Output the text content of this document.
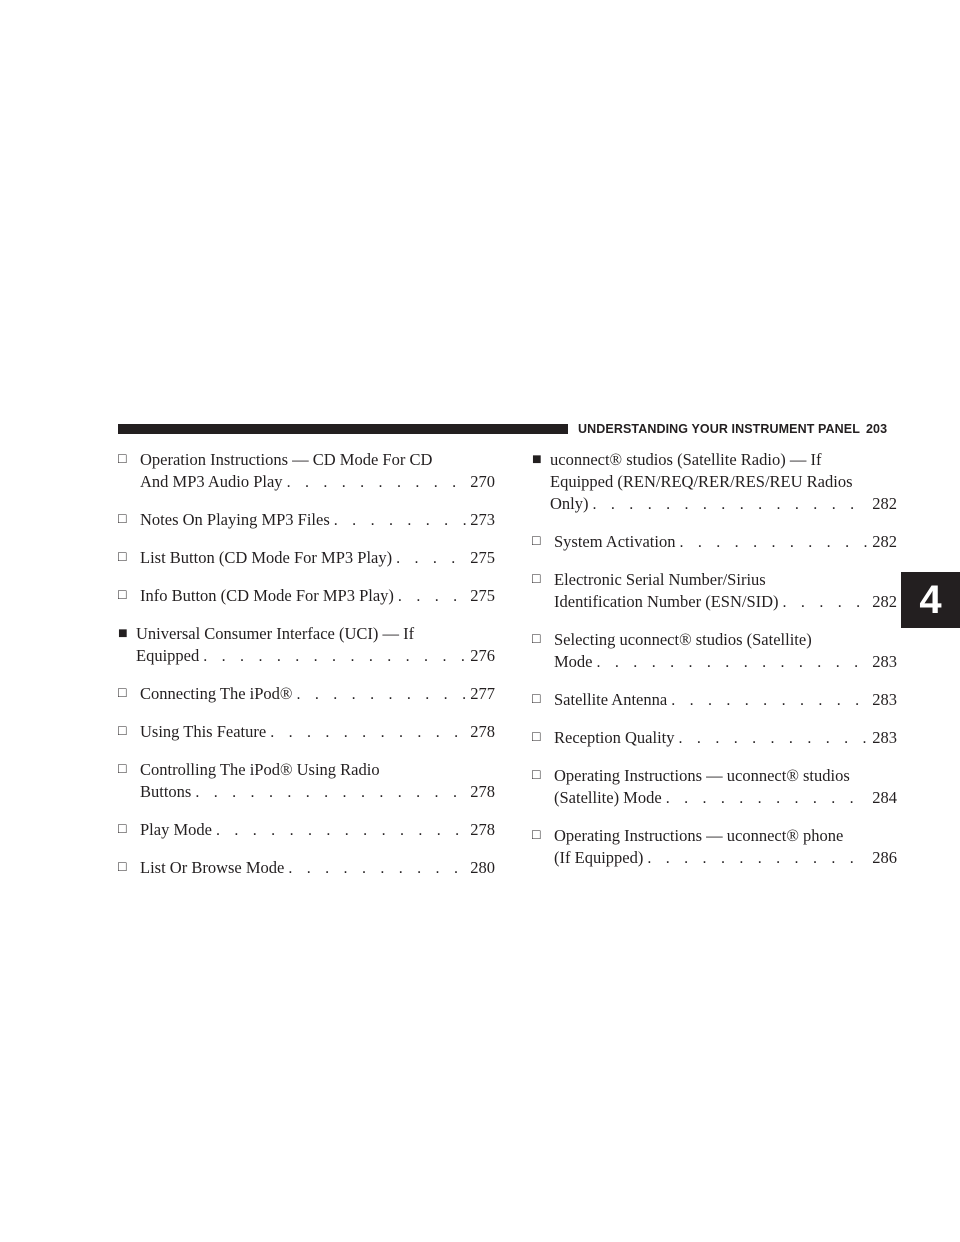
UNDERSTANDING YOUR INSTRUMENT PANEL 203
4
□ Operation Instructions — CD Mode For CD
And MP3 Audio Play . . .	270
□ Notes On Playing MP3 Files . . .	273
□ List Button (CD Mode For MP3 Play) . . .	275
□ Info Button (CD Mode For MP3 Play) . . .	275
■ Universal Consumer Interface (UCI) — If
Equipped . . .	276
□ Connecting The iPod® . . .	277
□ Using This Feature . . .	278
□ Controlling The iPod® Using Radio
Buttons . . .	278
□ Play Mode . . .	278
□ List Or Browse Mode . . .	280
■ uconnect® studios (Satellite Radio) — If
Equipped (REN/REQ/RER/RES/REU Radios
Only) . . .	282
□ System Activation . . .	282
□ Electronic Serial Number/Sirius
Identification Number (ESN/SID) . . .	282
□ Selecting uconnect® studios (Satellite)
Mode . . .	283
□ Satellite Antenna . . .	283
□ Reception Quality . . .	283
□ Operating Instructions — uconnect® studios
(Satellite) Mode . . .	284
□ Operating Instructions — uconnect® phone
(If Equipped) . . .	286
